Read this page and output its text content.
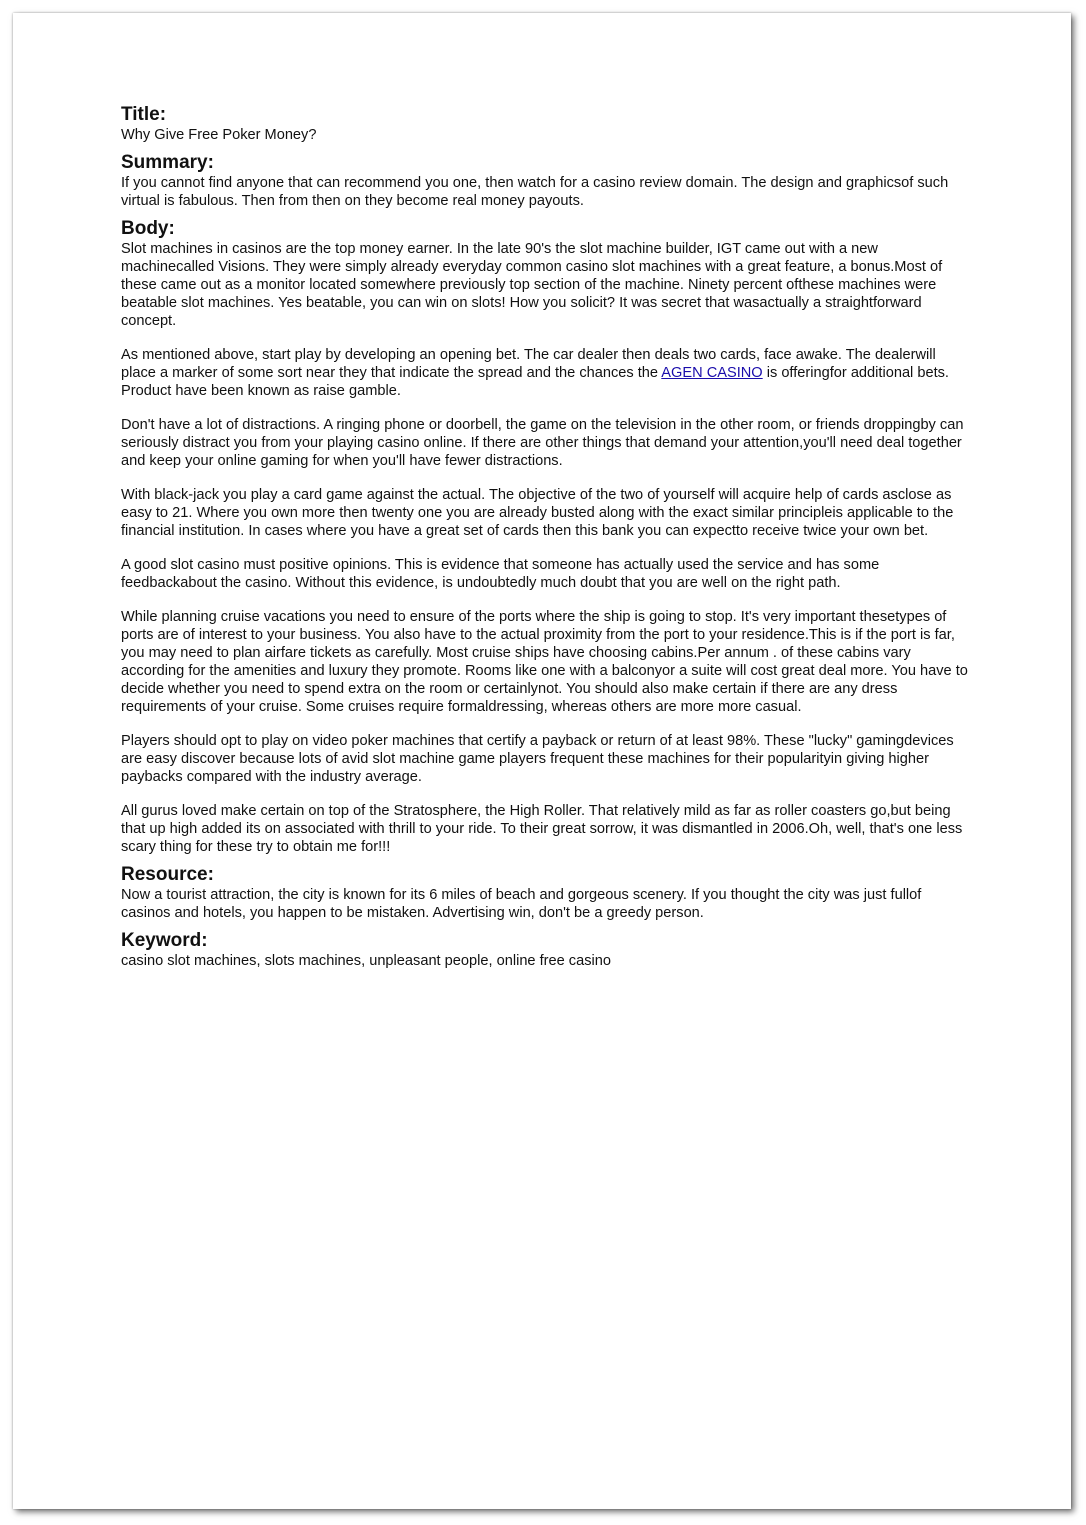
Title:

Why Give Free Poker Money?

Summary:

If you cannot find anyone that can recommend you one, then watch for a casino review domain. The design and graphicsof such virtual is fabulous. Then from then on they become real money payouts.

Body:

Slot machines in casinos are the top money earner. In the late 90's the slot machine builder, IGT came out with a new machinecalled Visions. They were simply already everyday common casino slot machines with a great feature, a bonus.Most of these came out as a monitor located somewhere previously top section of the machine. Ninety percent ofthese machines were beatable slot machines. Yes beatable, you can win on slots! How you solicit? It was secret that wasactually a straightforward concept.

As mentioned above, start play by developing an opening bet. The car dealer then deals two cards, face awake. The dealerwill place a marker of some sort near they that indicate the spread and the chances the AGEN CASINO is offeringfor additional bets. Product have been known as raise gamble.

Don't have a lot of distractions. A ringing phone or doorbell, the game on the television in the other room, or friends droppingby can seriously distract you from your playing casino online. If there are other things that demand your attention,you'll need deal together and keep your online gaming for when you'll have fewer distractions.

With black-jack you play a card game against the actual. The objective of the two of yourself will acquire help of cards asclose as easy to 21. Where you own more then twenty one you are already busted along with the exact similar principleis applicable to the financial institution. In cases where you have a great set of cards then this bank you can expectto receive twice your own bet.

A good slot casino must positive opinions. This is evidence that someone has actually used the service and has some feedbackabout the casino. Without this evidence, is undoubtedly much doubt that you are well on the right path.

While planning cruise vacations you need to ensure of the ports where the ship is going to stop. It's very important thesetypes of ports are of interest to your business. You also have to the actual proximity from the port to your residence.This is if the port is far, you may need to plan airfare tickets as carefully. Most cruise ships have choosing cabins.Per annum . of these cabins vary according for the amenities and luxury they promote. Rooms like one with a balconyor a suite will cost great deal more. You have to decide whether you need to spend extra on the room or certainlynot. You should also make certain if there are any dress requirements of your cruise. Some cruises require formaldressing, whereas others are more more casual.

Players should opt to play on video poker machines that certify a payback or return of at least 98%. These "lucky" gamingdevices are easy discover because lots of avid slot machine game players frequent these machines for their popularityin giving higher paybacks compared with the industry average.

All gurus loved make certain on top of the Stratosphere, the High Roller. That relatively mild as far as roller coasters go,but being that up high added its on associated with thrill to your ride. To their great sorrow, it was dismantled in 2006.Oh, well, that's one less scary thing for these try to obtain me for!!!

Resource:

Now a tourist attraction, the city is known for its 6 miles of beach and gorgeous scenery. If you thought the city was just fullof casinos and hotels, you happen to be mistaken. Advertising win, don't be a greedy person.

Keyword:

casino slot machines, slots machines, unpleasant people, online free casino
